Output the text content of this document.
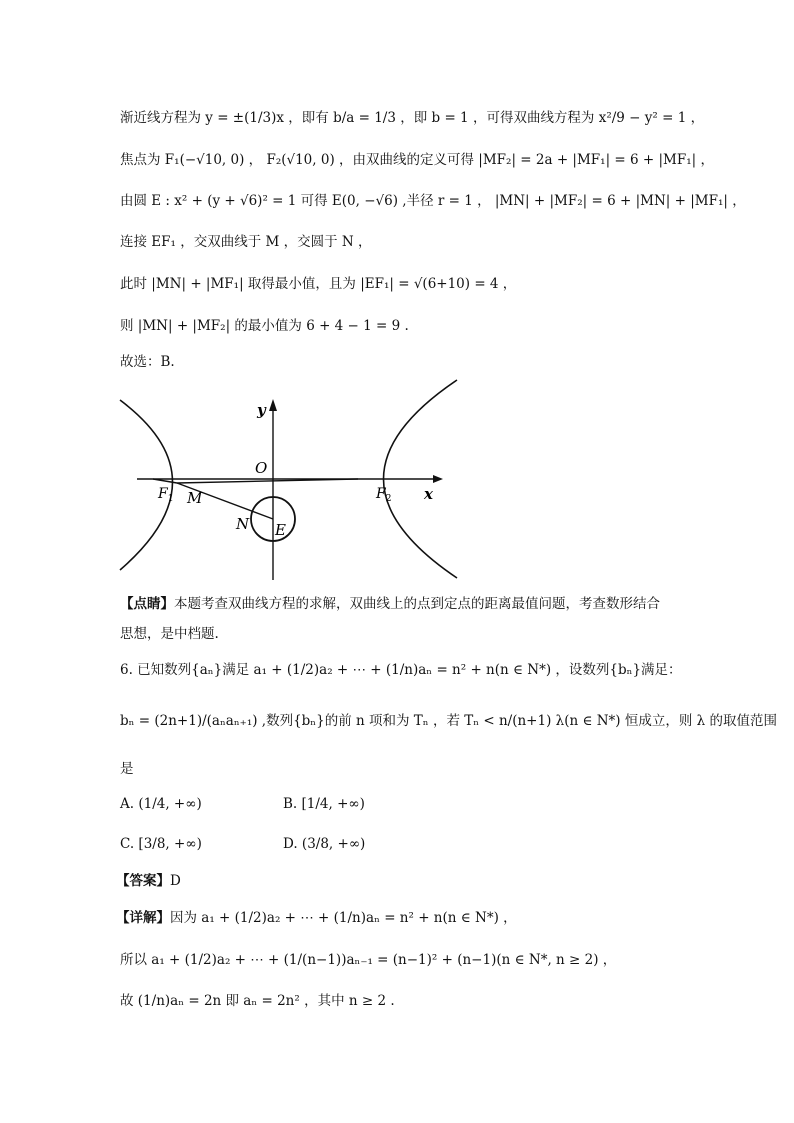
渐近线方程为 y = ±(1/3)x ，即有 b/a = 1/3 ，即 b = 1 ，可得双曲线方程为 x²/9 − y² = 1 ，
焦点为 F₁(−√10, 0) ， F₂(√10, 0) ，由双曲线的定义可得 |MF₂| = 2a + |MF₁| = 6 + |MF₁| ，
由圆 E : x² + (y + √6)² = 1 可得 E(0, −√6) ,半径 r = 1 ， |MN| + |MF₂| = 6 + |MN| + |MF₁| ，
连接 EF₁ ，交双曲线于 M ，交圆于 N ，
此时 |MN| + |MF₁| 取得最小值，且为 |EF₁| = √(6+10) = 4 ，
则 |MN| + |MF₂| 的最小值为 6 + 4 − 1 = 9 .
故选：B.
y
x
O
$F_1$	$F_2$
M
N E
【点睛】本题考查双曲线方程的求解，双曲线上的点到定点的距离最值问题，考查数形结合
思想，是中档题.
6. 已知数列{aₙ}满足 a₁ + (1/2)a₂ + ⋯ + (1/n)aₙ = n² + n(n ∈ N*) ，设数列{bₙ}满足：
bₙ = (2n+1)/(aₙaₙ₊₁) ,数列{bₙ}的前 n 项和为 Tₙ ，若 Tₙ < n/(n+1) λ(n ∈ N*) 恒成立，则 λ 的取值范围
是
A. (1/4, +∞)	B. [1/4, +∞)
C. [3/8, +∞)	D. (3/8, +∞)
【答案】D
【详解】因为 a₁ + (1/2)a₂ + ⋯ + (1/n)aₙ = n² + n(n ∈ N*) ，
所以 a₁ + (1/2)a₂ + ⋯ + (1/(n−1))aₙ₋₁ = (n−1)² + (n−1)(n ∈ N*, n ≥ 2) ，
故 (1/n)aₙ = 2n 即 aₙ = 2n² ，其中 n ≥ 2 .
